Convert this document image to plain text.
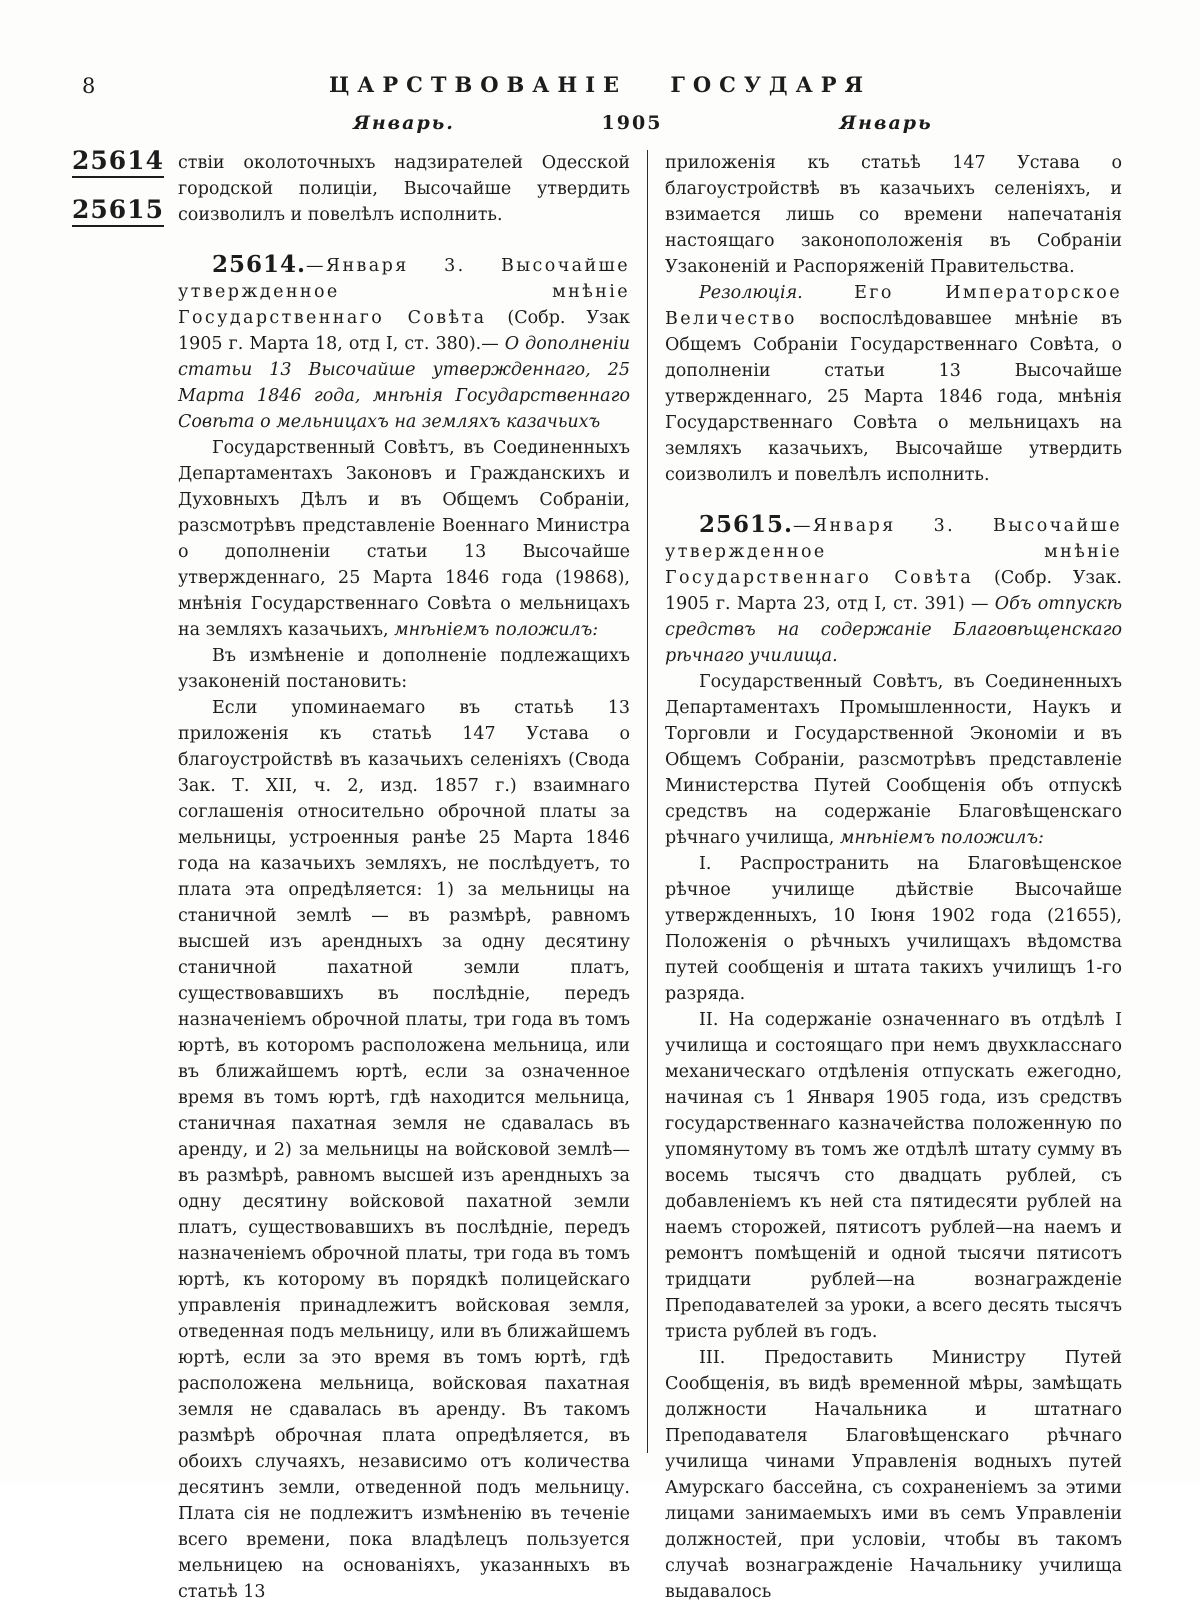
8	ЦАРСТВОВАНІЕ ГОСУДАРЯ
Январь.	1905	Январь
25614
25615

ствіи околоточныхъ надзирателей Одесской городской полиціи, Высочайше утвердить соизволилъ и повелѣлъ исполнить.

25614.—Января 3. Высочайше утвержденное мнѣніе Государственнаго Совѣта (Собр. Узак 1905 г. Марта 18, отд I, ст. 380).— О дополненіи статьи 13 Высочайше утвержденнаго, 25 Марта 1846 года, мнѣнія Государственнаго Совѣта о мельницахъ на земляхъ казачьихъ

Государственный Совѣтъ, въ Соединенныхъ Департаментахъ Законовъ и Гражданскихъ и Духовныхъ Дѣлъ и въ Общемъ Собраніи, разсмотрѣвъ представленіе Военнаго Министра о дополненіи статьи 13 Высочайше утвержденнаго, 25 Марта 1846 года (19868), мнѣнія Государственнаго Совѣта о мельницахъ на земляхъ казачьихъ, мнѣніемъ положилъ:

Въ измѣненіе и дополненіе подлежащихъ узаконеній постановить:

Если упоминаемаго въ статьѣ 13 приложенія къ статьѣ 147 Устава о благоустройствѣ въ казачьихъ селеніяхъ (Свода Зак. Т. XII, ч. 2, изд. 1857 г.) взаимнаго соглашенія относительно оброчной платы за мельницы, устроенныя ранѣе 25 Марта 1846 года на казачьихъ земляхъ, не послѣдуетъ, то плата эта опредѣляется: 1) за мельницы на станичной землѣ — въ размѣрѣ, равномъ высшей изъ арендныхъ за одну десятину станичной пахатной земли платъ, существовавшихъ въ послѣдніе, передъ назначеніемъ оброчной платы, три года въ томъ юртѣ, въ которомъ расположена мельница, или въ ближайшемъ юртѣ, если за означенное время въ томъ юртѣ, гдѣ находится мельница, станичная пахатная земля не сдавалась въ аренду, и 2) за мельницы на войсковой землѣ—въ размѣрѣ, равномъ высшей изъ арендныхъ за одну десятину войсковой пахатной земли платъ, существовавшихъ въ послѣдніе, передъ назначеніемъ оброчной платы, три года въ томъ юртѣ, къ которому въ порядкѣ полицейскаго управленія принадлежитъ войсковая земля, отведенная подъ мельницу, или въ ближайшемъ юртѣ, если за это время въ томъ юртѣ, гдѣ расположена мельница, войсковая пахатная земля не сдавалась въ аренду. Въ такомъ размѣрѣ оброчная плата опредѣляется, въ обоихъ случаяхъ, независимо отъ количества десятинъ земли, отведенной подъ мельницу. Плата сія не подлежитъ измѣненію въ теченіе всего времени, пока владѣлецъ пользуется мельницею на основаніяхъ, указанныхъ въ статьѣ 13

приложенія къ статьѣ 147 Устава о благоустройствѣ въ казачьихъ селеніяхъ, и взимается лишь со времени напечатанія настоящаго законоположенія въ Собраніи Узаконеній и Распоряженій Правительства.

Резолюція. Его Императорское Величество воспослѣдовавшее мнѣніе въ Общемъ Собраніи Государственнаго Совѣта, о дополненіи статьи 13 Высочайше утвержденнаго, 25 Марта 1846 года, мнѣнія Государственнаго Совѣта о мельницахъ на земляхъ казачьихъ, Высочайше утвердить соизволилъ и повелѣлъ исполнить.

25615.—Января 3. Высочайше утвержденное мнѣніе Государственнаго Совѣта (Собр. Узак. 1905 г. Марта 23, отд I, ст. 391) — Объ отпускѣ средствъ на содержаніе Благовѣщенскаго рѣчнаго училища.

Государственный Совѣтъ, въ Соединенныхъ Департаментахъ Промышленности, Наукъ и Торговли и Государственной Экономіи и въ Общемъ Собраніи, разсмотрѣвъ представленіе Министерства Путей Сообщенія объ отпускѣ средствъ на содержаніе Благовѣщенскаго рѣчнаго училища, мнѣніемъ положилъ:

I. Распространить на Благовѣщенское рѣчное училище дѣйствіе Высочайше утвержденныхъ, 10 Іюня 1902 года (21655), Положенія о рѣчныхъ училищахъ вѣдомства путей сообщенія и штата такихъ училищъ 1-го разряда.

II. На содержаніе означеннаго въ отдѣлѣ I училища и состоящаго при немъ двухкласснаго механическаго отдѣленія отпускать ежегодно, начиная съ 1 Января 1905 года, изъ средствъ государственнаго казначейства положенную по упомянутому въ томъ же отдѣлѣ штату сумму въ восемь тысячъ сто двадцать рублей, съ добавленіемъ къ ней ста пятидесяти рублей на наемъ сторожей, пятисотъ рублей—на наемъ и ремонтъ помѣщеній и одной тысячи пятисотъ тридцати рублей—на вознагражденіе Преподавателей за уроки, а всего десять тысячъ триста рублей въ годъ.

III. Предоставить Министру Путей Сообщенія, въ видѣ временной мѣры, замѣщать должности Начальника и штатнаго Преподавателя Благовѣщенскаго рѣчнаго училища чинами Управленія водныхъ путей Амурскаго бассейна, съ сохраненіемъ за этими лицами занимаемыхъ ими въ семъ Управленіи должностей, при условіи, чтобы въ такомъ случаѣ вознагражденіе Начальнику училища выдавалось
